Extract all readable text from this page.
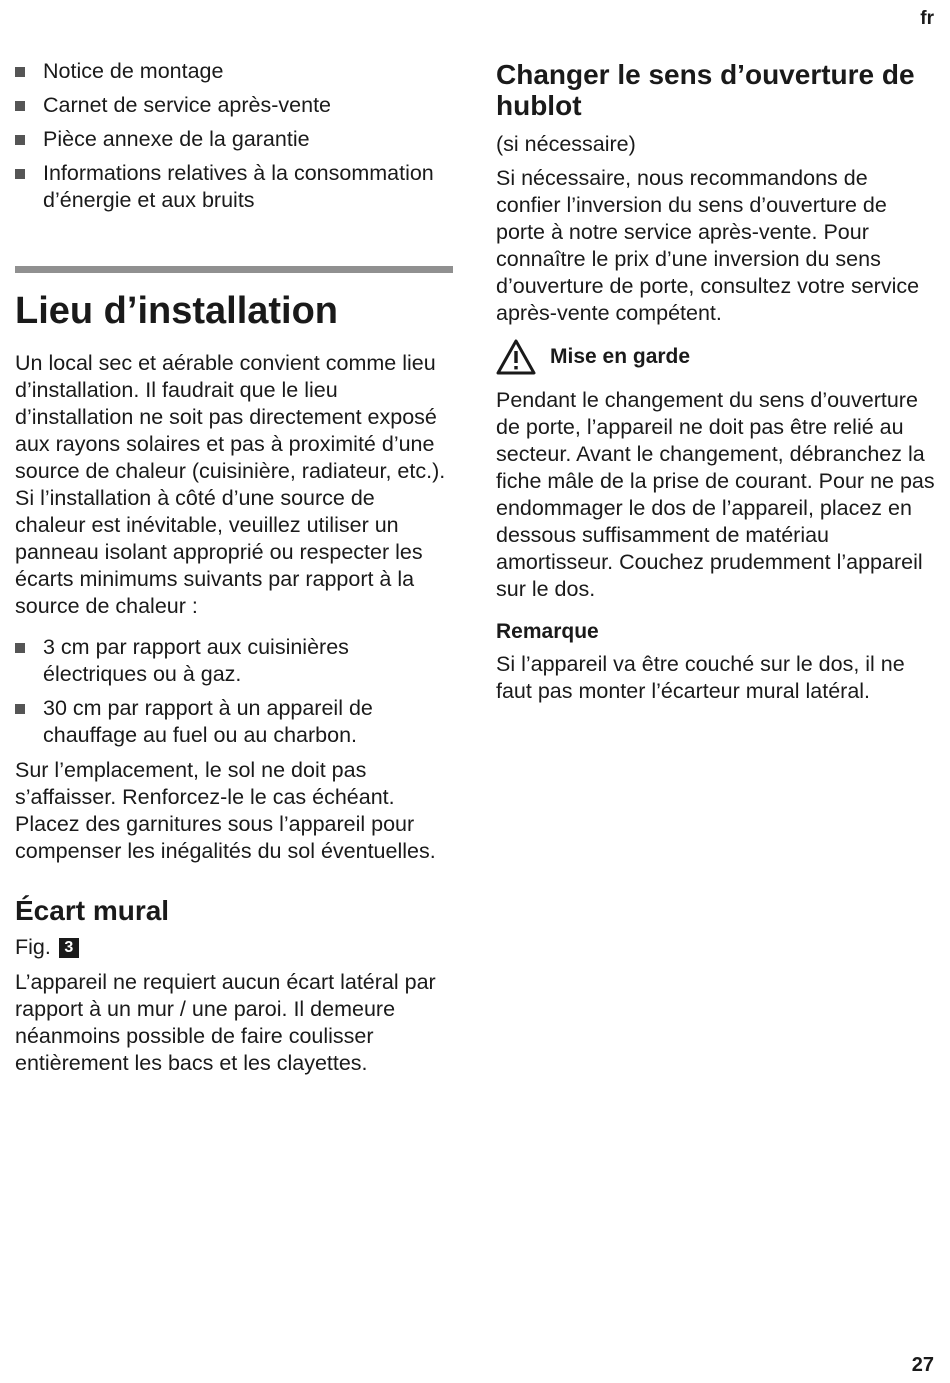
fr
Notice de montage
Carnet de service après-vente
Pièce annexe de la garantie
Informations relatives à la consommation d’énergie et aux bruits
Lieu d’installation

Un local sec et aérable convient comme lieu d’installation. Il faudrait que le lieu d’installation ne soit pas directement exposé aux rayons solaires et pas à proximité d’une source de chaleur (cuisinière, radiateur, etc.).

Si l’installation à côté d’une source de chaleur est inévitable, veuillez utiliser un panneau isolant approprié ou respecter les écarts minimums suivants par rapport à la source de chaleur :

3 cm par rapport aux cuisinières électriques ou à gaz.
30 cm par rapport à un appareil de chauffage au fuel ou au charbon.

Sur l’emplacement, le sol ne doit pas s’affaisser. Renforcez-le le cas échéant. Placez des garnitures sous l’appareil pour compenser les inégalités du sol éventuelles.

Écart mural
Fig. 3

L’appareil ne requiert aucun écart latéral par rapport à un mur / une paroi. Il demeure néanmoins possible de faire coulisser entièrement les bacs et les clayettes.

Changer le sens d’ouverture de hublot

(si nécessaire)

Si nécessaire, nous recommandons de confier l’inversion du sens d’ouverture de porte à notre service après-vente. Pour connaître le prix d’une inversion du sens d’ouverture de porte, consultez votre service après-vente compétent.

Mise en garde

Pendant le changement du sens d’ouverture de porte, l’appareil ne doit pas être relié au secteur. Avant le changement, débranchez la fiche mâle de la prise de courant. Pour ne pas endommager le dos de l’appareil, placez en dessous suffisamment de matériau amortisseur. Couchez prudemment l’appareil sur le dos.

Remarque

Si l’appareil va être couché sur le dos, il ne faut pas monter l’écarteur mural latéral.

27
